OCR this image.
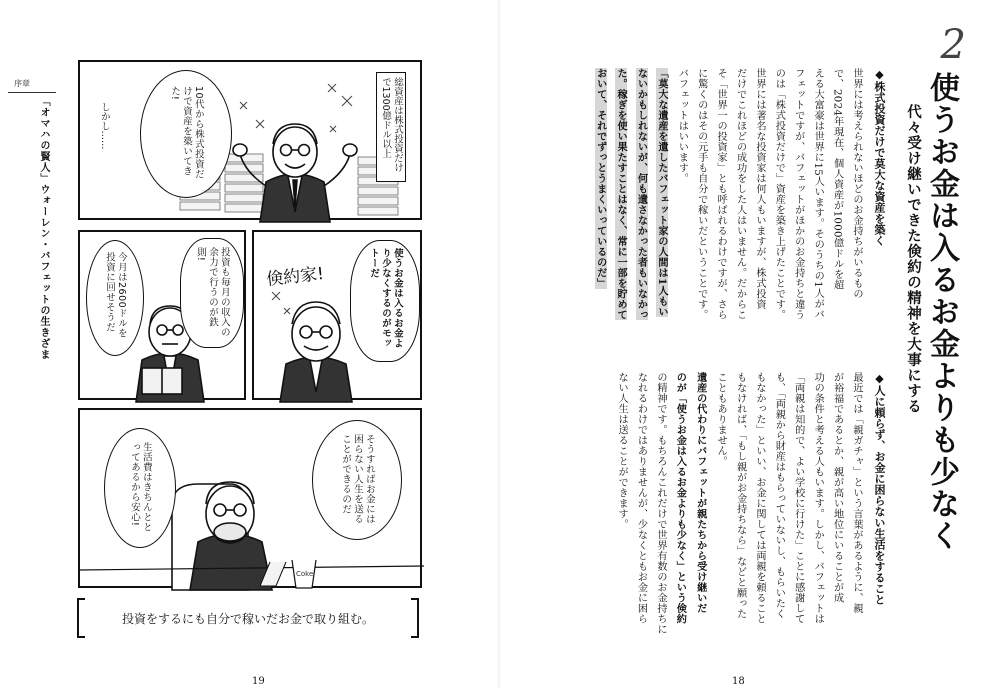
序章
「オマハの賢人」ウォーレン・バフェットの生きざま	総資産は株式投資だけで1300億ドル以上
10代から株式投資だけで資産を築いてきた!
しかし……
投資も毎月の収入の余力で行うのが鉄則!
今月は2600ドルを投資に回せそうだ	倹約家!	使うお金は入るお金より少なくするのがモットーだ
Coke
そうすればお金には困らない人生を送ることができるのだ
生活費はきちんととってあるから安心!
投資をするにも自分で稼いだお金で取り組む。
19
2
使うお金は入るお金よりも少なく
代々受け継いできた倹約の精神を大事にする
◆株式投資だけで莫大な資産を築く
世界には考えられないほどのお金持ちがいるもの
で、2024年現在、個人資産が1000億ドルを超
える大富豪は世界に15人います。そのうちの1人がバ
フェットですが、バフェットがほかのお金持ちと違う
のは「株式投資だけで」資産を築き上げたことです。
世界には著名な投資家は何人もいますが、株式投資
だけでこれほどの成功をした人はいません。だからこ
そ「世界一の投資家」とも呼ばれるわけですが、さら
に驚くのはその元手も自分で稼いだということです。
バフェットはいいます。
「莫大な遺産を遺したバフェット家の人間は1人もい
ないかもしれないが、何も遺さなかった者もいなかっ
た。稼ぎを使い果たすことはなく、常に一部を貯めて
おいて、それでずっとうまくいっているのだ」
◆人に頼らず、お金に困らない生活をすること
最近では「親ガチャ」という言葉があるように、親
が裕福であるとか、親が高い地位にいることが成
功の条件と考える人もいます。しかし、バフェットは
「両親は知的で、よい学校に行けた」ことに感謝して
も、「両親から財産はもらっていないし、もらいたく
もなかった」といい、お金に関しては両親を頼ること
もなければ、「もし親がお金持ちなら」などと願った
こともありません。
遺産の代わりにバフェットが親たちから受け継いだ
のが「使うお金は入るお金よりも少なく」という倹約
の精神です。もちろんこれだけで世界有数のお金持ちに
なれるわけではありませんが、少なくともお金に困ら
ない人生は送ることができます。
18
